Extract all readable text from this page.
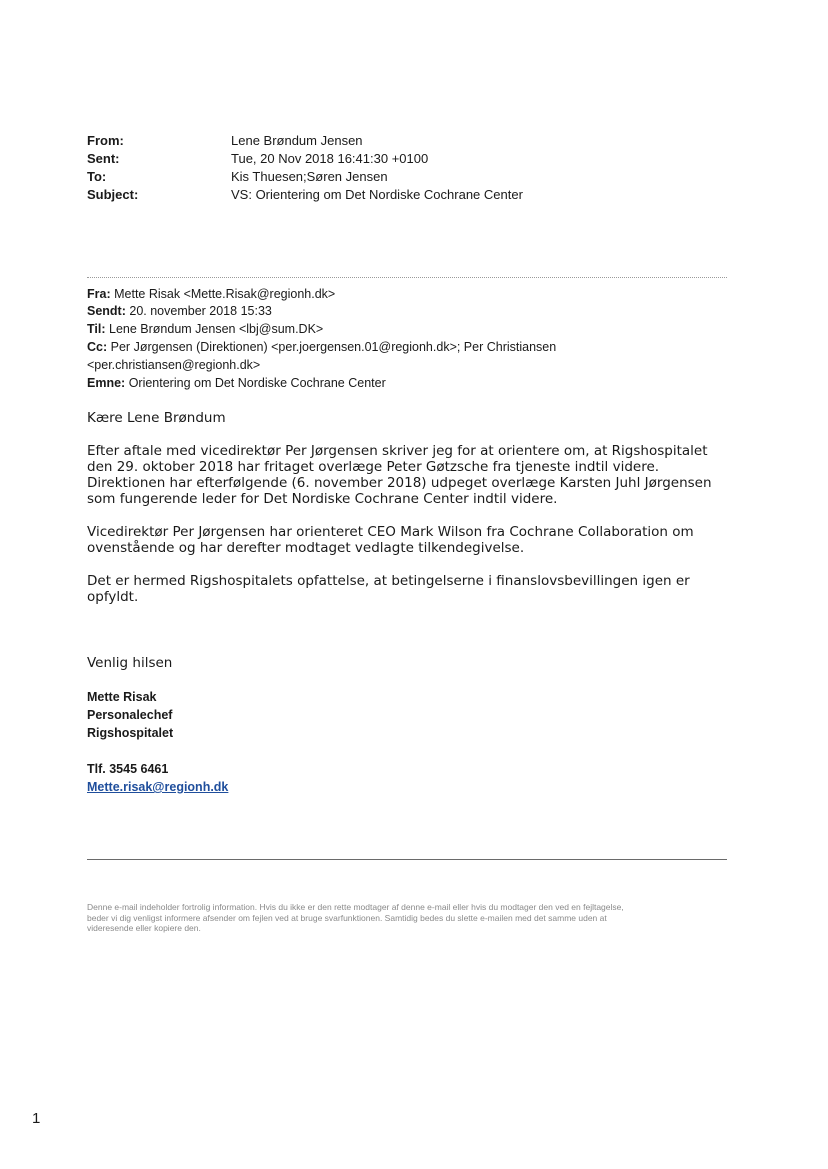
From:	Lene Brøndum Jensen
Sent:	Tue, 20 Nov 2018 16:41:30 +0100
To:	Kis Thuesen;Søren Jensen
Subject:	VS: Orientering om Det Nordiske Cochrane Center
Fra: Mette Risak <Mette.Risak@regionh.dk>
Sendt: 20. november 2018 15:33
Til: Lene Brøndum Jensen <lbj@sum.DK>
Cc: Per Jørgensen (Direktionen) <per.joergensen.01@regionh.dk>; Per Christiansen
<per.christiansen@regionh.dk>
Emne: Orientering om Det Nordiske Cochrane Center
Kære Lene Brøndum
Efter aftale med vicedirektør Per Jørgensen skriver jeg for at orientere om, at Rigshospitalet
den 29. oktober 2018 har fritaget overlæge Peter Gøtzsche fra tjeneste indtil videre.
Direktionen har efterfølgende (6. november 2018) udpeget overlæge Karsten Juhl Jørgensen
som fungerende leder for Det Nordiske Cochrane Center indtil videre.
Vicedirektør Per Jørgensen har orienteret CEO Mark Wilson fra Cochrane Collaboration om
ovenstående og har derefter modtaget vedlagte tilkendegivelse.
Det er hermed Rigshospitalets opfattelse, at betingelserne i finanslovsbevillingen igen er
opfyldt.
Venlig hilsen
Mette Risak
Personalechef
Rigshospitalet
Tlf. 3545 6461
Mette.risak@regionh.dk
Denne e-mail indeholder fortrolig information. Hvis du ikke er den rette modtager af denne e-mail eller hvis du modtager den ved en fejltagelse,
beder vi dig venligst informere afsender om fejlen ved at bruge svarfunktionen. Samtidig bedes du slette e-mailen med det samme uden at
videresende eller kopiere den.
1
